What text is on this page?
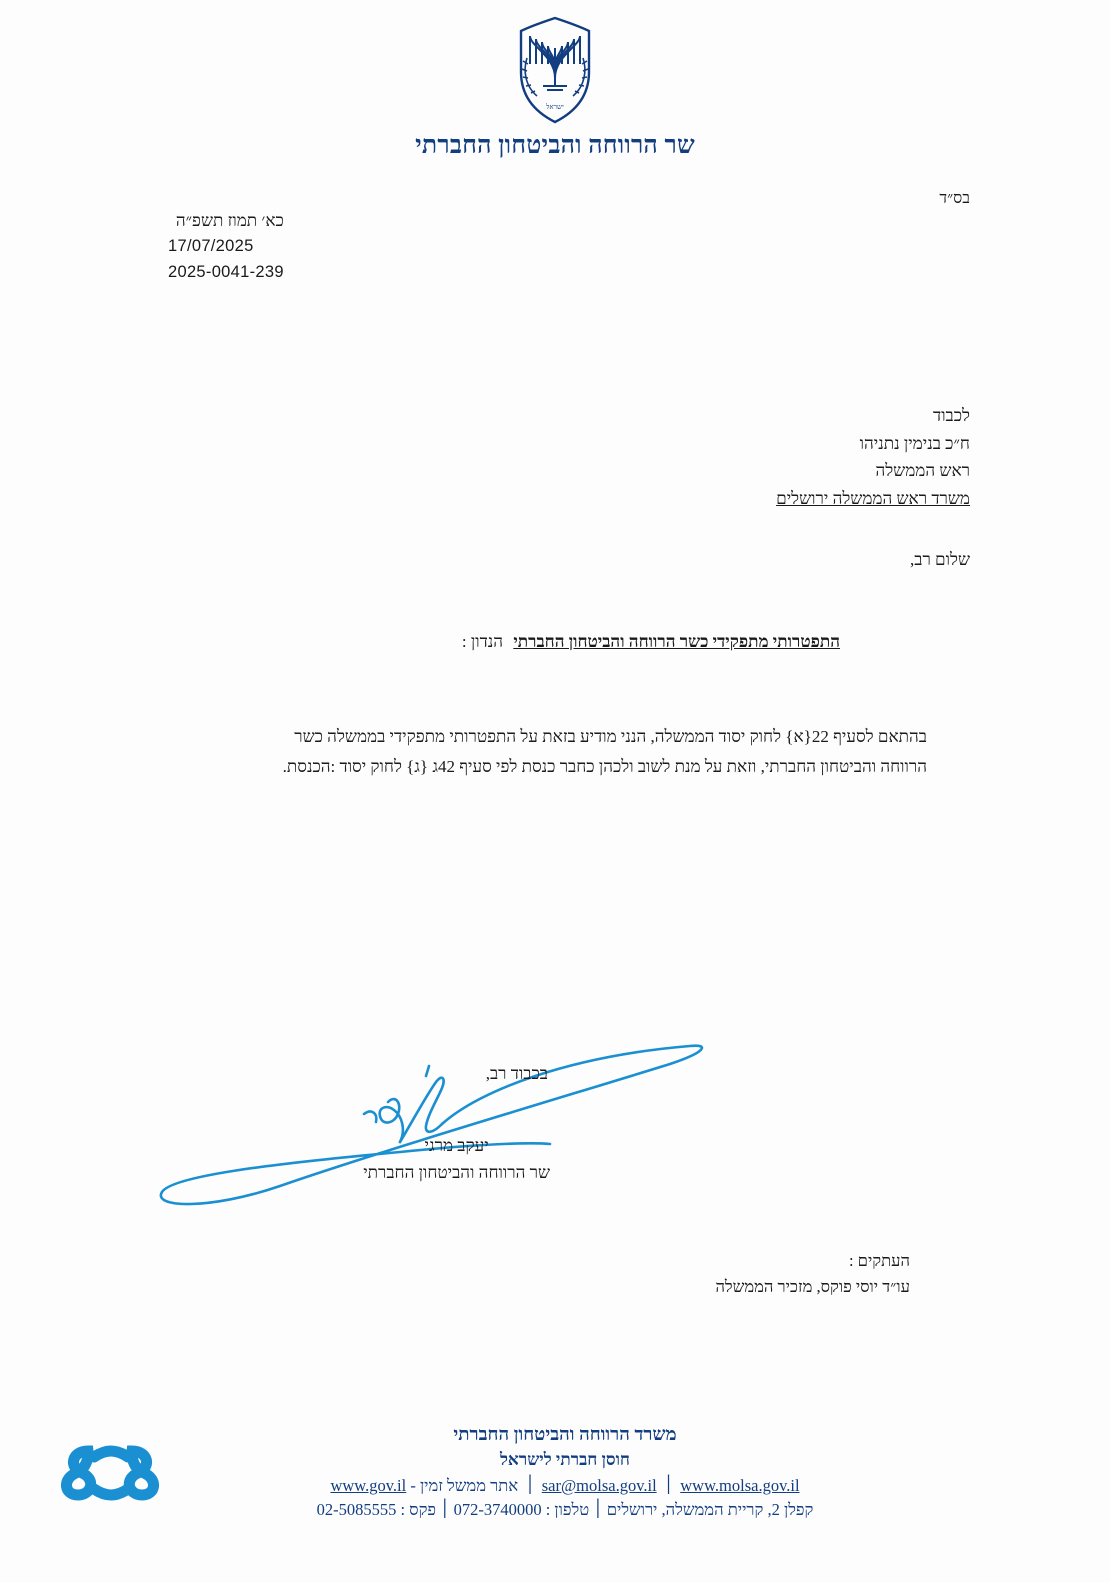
ישראל
שר הרווחה והביטחון החברתי
בס״ד
כ‏א׳ תמוז תשפ״ה
17/07/2025
2025-0041-239
לכבוד
ח״כ בנימין נתניהו
ראש הממשלה
משרד ראש הממשלה ירושלים
שלום רב,
התפטרותי מתפקידי כשר הרווחה והביטחון החברתי הנדון :
בהתאם לסעיף 22{א} לחוק יסוד הממשלה, הנני מודיע בזאת על התפטרותי מתפקידי בממשלה כשר הרווחה והביטחון החברתי, וזאת על מנת לשוב ולכהן כחבר כנסת לפי סעיף 42ג {ג} לחוק יסוד :הכנסת.
בכבוד רב,
יעקב מרגי
שר הרווחה והביטחון החברתי
העתקים :
עו״ד יוסי פוקס, מזכיר הממשלה
משרד הרווחה והביטחון החברתי
חוסן חברתי לישראל
www.molsa.gov.il ׀ sar@molsa.gov.il ׀ אתר ממשל זמין - www.gov.il
קפלן 2, קריית הממשלה, ירושלים ׀ טלפון : 072-3740000 ׀ פקס : 02-5085555
